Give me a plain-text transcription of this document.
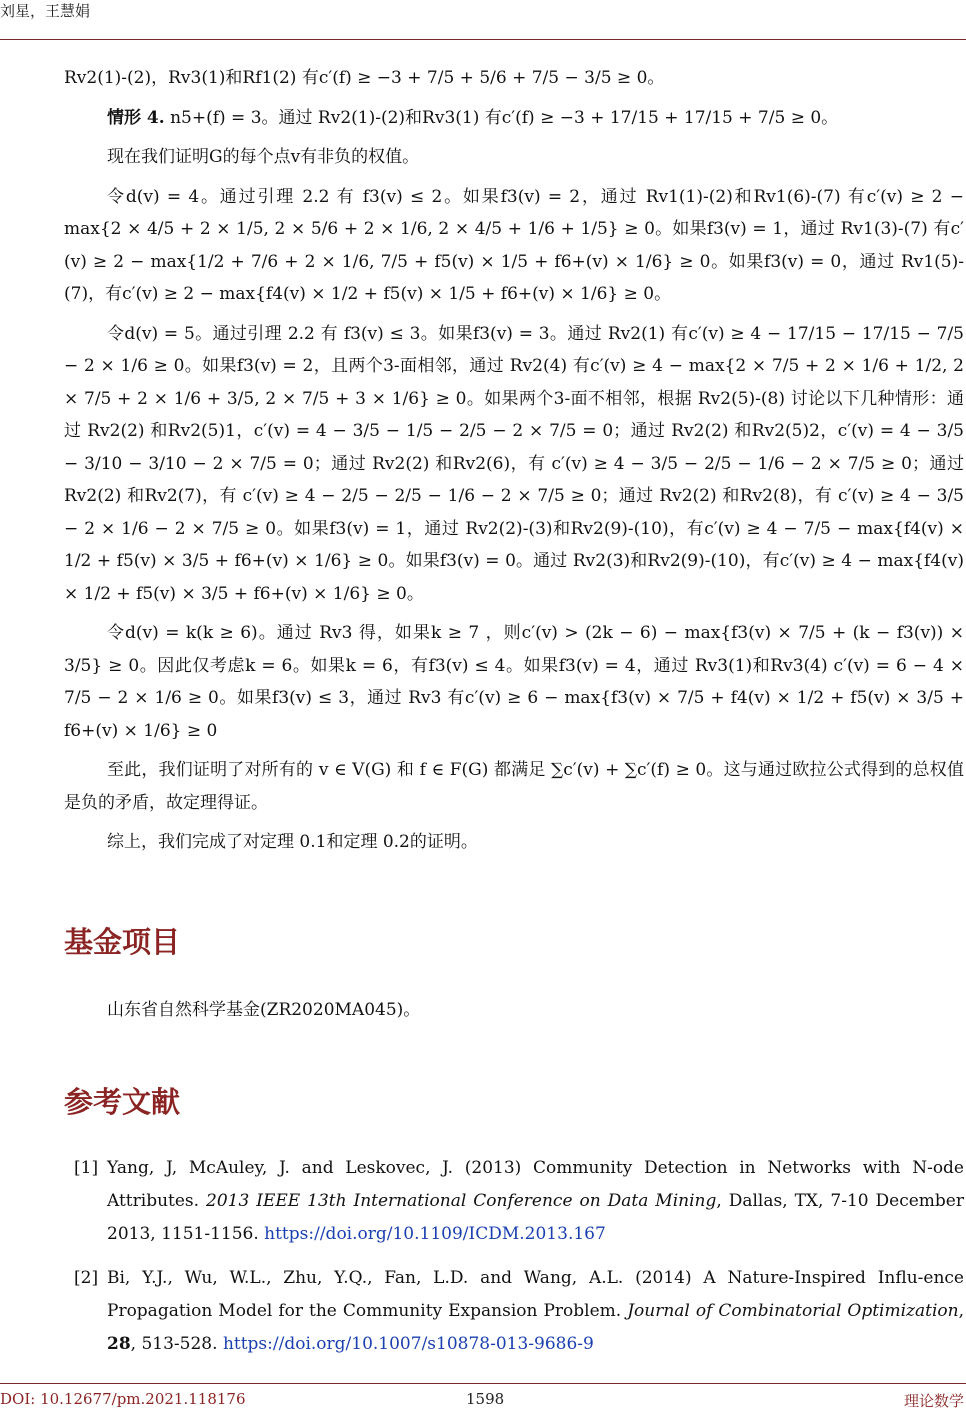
刘星，王慧娟

Rv2(1)-(2)，Rv3(1)和Rf1(2) 有c′(f) ≥ −3 + 7/5 + 5/6 + 7/5 − 3/5 ≥ 0。

情形 4. n5+(f) = 3。通过 Rv2(1)-(2)和Rv3(1) 有c′(f) ≥ −3 + 17/15 + 17/15 + 7/5 ≥ 0。

现在我们证明G的每个点v有非负的权值。

令d(v) = 4。通过引理 2.2 有 f3(v) ≤ 2。如果f3(v) = 2，通过 Rv1(1)-(2)和Rv1(6)-(7) 有c′(v) ≥ 2 − max{2 × 4/5 + 2 × 1/5, 2 × 5/6 + 2 × 1/6, 2 × 4/5 + 1/6 + 1/5} ≥ 0。如果f3(v) = 1，通过 Rv1(3)-(7) 有c′(v) ≥ 2 − max{1/2 + 7/6 + 2 × 1/6, 7/5 + f5(v) × 1/5 + f6+(v) × 1/6} ≥ 0。如果f3(v) = 0，通过 Rv1(5)-(7)，有c′(v) ≥ 2 − max{f4(v) × 1/2 + f5(v) × 1/5 + f6+(v) × 1/6} ≥ 0。

令d(v) = 5。通过引理 2.2 有 f3(v) ≤ 3。如果f3(v) = 3。通过 Rv2(1) 有c′(v) ≥ 4 − 17/15 − 17/15 − 7/5 − 2 × 1/6 ≥ 0。如果f3(v) = 2，且两个3-面相邻，通过 Rv2(4) 有c′(v) ≥ 4 − max{2 × 7/5 + 2 × 1/6 + 1/2, 2 × 7/5 + 2 × 1/6 + 3/5, 2 × 7/5 + 3 × 1/6} ≥ 0。如果两个3-面不相邻，根据 Rv2(5)-(8) 讨论以下几种情形：通过 Rv2(2) 和Rv2(5)1，c′(v) = 4 − 3/5 − 1/5 − 2/5 − 2 × 7/5 = 0；通过 Rv2(2) 和Rv2(5)2，c′(v) = 4 − 3/5 − 3/10 − 3/10 − 2 × 7/5 = 0；通过 Rv2(2) 和Rv2(6)，有 c′(v) ≥ 4 − 3/5 − 2/5 − 1/6 − 2 × 7/5 ≥ 0；通过 Rv2(2) 和Rv2(7)，有 c′(v) ≥ 4 − 2/5 − 2/5 − 1/6 − 2 × 7/5 ≥ 0；通过 Rv2(2) 和Rv2(8)，有 c′(v) ≥ 4 − 3/5 − 2 × 1/6 − 2 × 7/5 ≥ 0。如果f3(v) = 1，通过 Rv2(2)-(3)和Rv2(9)-(10)，有c′(v) ≥ 4 − 7/5 − max{f4(v) × 1/2 + f5(v) × 3/5 + f6+(v) × 1/6} ≥ 0。如果f3(v) = 0。通过 Rv2(3)和Rv2(9)-(10)，有c′(v) ≥ 4 − max{f4(v) × 1/2 + f5(v) × 3/5 + f6+(v) × 1/6} ≥ 0。

令d(v) = k(k ≥ 6)。通过 Rv3 得，如果k ≥ 7 ，则c′(v) > (2k − 6) − max{f3(v) × 7/5 + (k − f3(v)) × 3/5} ≥ 0。因此仅考虑k = 6。如果k = 6，有f3(v) ≤ 4。如果f3(v) = 4，通过 Rv3(1)和Rv3(4) c′(v) = 6 − 4 × 7/5 − 2 × 1/6 ≥ 0。如果f3(v) ≤ 3，通过 Rv3 有c′(v) ≥ 6 − max{f3(v) × 7/5 + f4(v) × 1/2 + f5(v) × 3/5 + f6+(v) × 1/6} ≥ 0

至此，我们证明了对所有的 v ∈ V(G) 和 f ∈ F(G) 都满足 ∑c′(v) + ∑c′(f) ≥ 0。这与通过欧拉公式得到的总权值是负的矛盾，故定理得证。

综上，我们完成了对定理 0.1和定理 0.2的证明。

基金项目
山东省自然科学基金(ZR2020MA045)。
参考文献
[1] Yang, J, McAuley, J. and Leskovec, J. (2013) Community Detection in Networks with N-ode Attributes. 2013 IEEE 13th International Conference on Data Mining, Dallas, TX, 7-10 December 2013, 1151-1156. https://doi.org/10.1109/ICDM.2013.167
[2] Bi, Y.J., Wu, W.L., Zhu, Y.Q., Fan, L.D. and Wang, A.L. (2014) A Nature-Inspired Influ-ence Propagation Model for the Community Expansion Problem. Journal of Combinatorial Optimization, 28, 513-528. https://doi.org/10.1007/s10878-013-9686-9
DOI: 10.12677/pm.2021.118176	1598	理论数学
